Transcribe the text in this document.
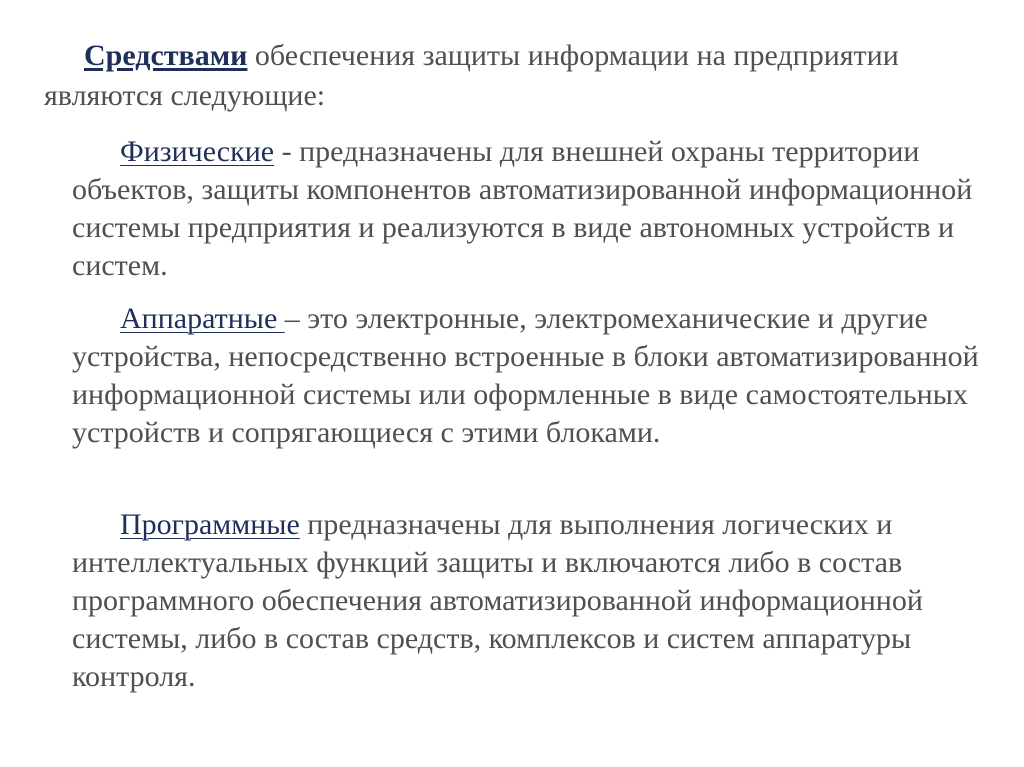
Средствами обеспечения защиты информации на предприятии являются следующие:

Физические - предназначены для внешней охраны территории объектов, защиты компонентов автоматизированной информационной системы предприятия и реализуются в виде автономных устройств и систем.

Аппаратные – это электронные, электромеханические и другие устройства, непосредственно встроенные в блоки автоматизированной информационной системы или оформленные в виде самостоятельных устройств и сопрягающиеся с этими блоками.

Программные предназначены для выполнения логических и интеллектуальных функций защиты и включаются либо в состав программного обеспечения автоматизированной информационной системы, либо в состав средств, комплексов и систем аппаратуры контроля.
